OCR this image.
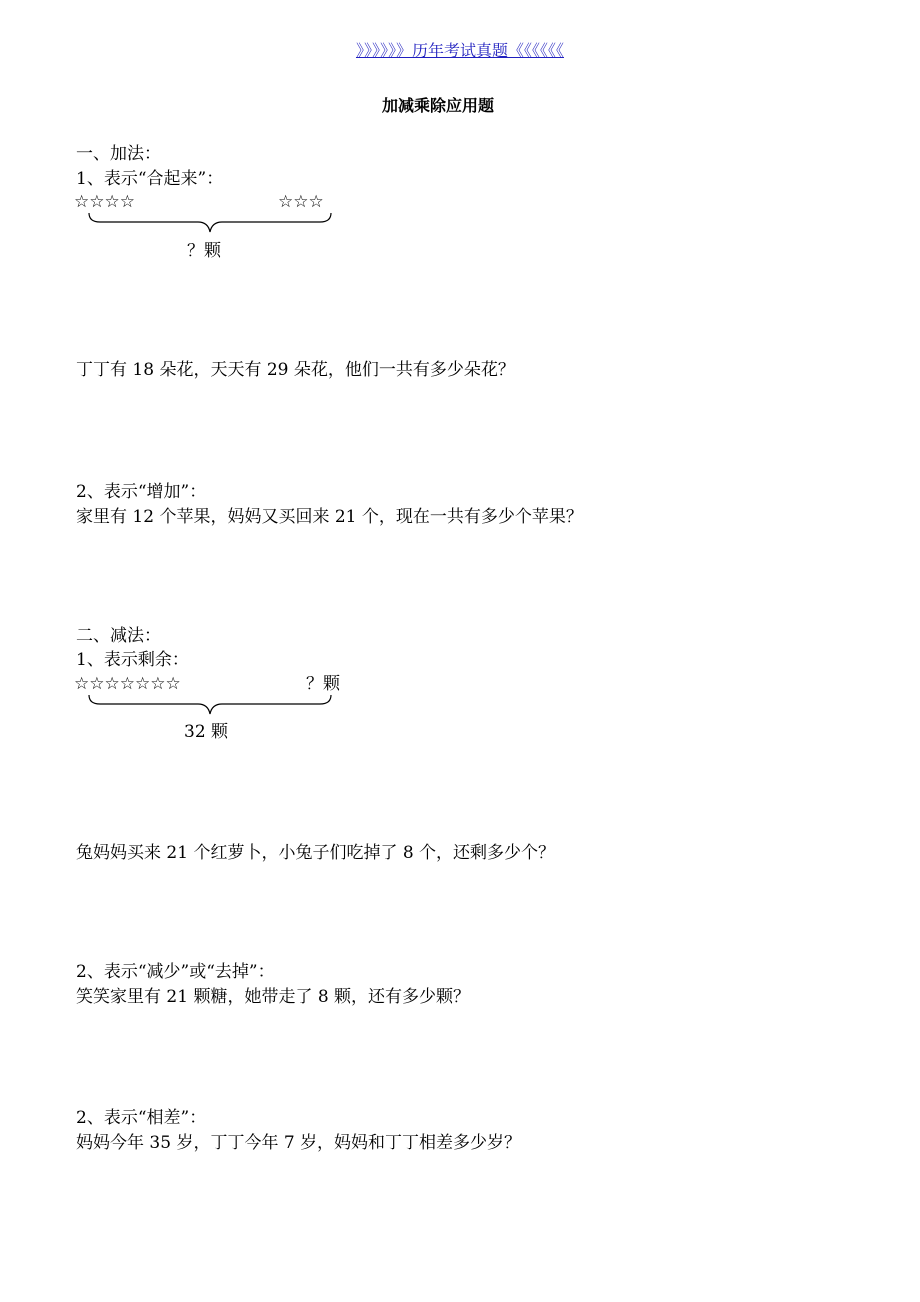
》》》》》》历年考试真题《《《《《《
加减乘除应用题
一、加法：
1、表示“合起来”：
☆☆☆☆	☆☆☆
？颗
丁丁有 18 朵花，天天有 29 朵花，他们一共有多少朵花？
2、表示“增加”：
家里有 12 个苹果，妈妈又买回来 21 个，现在一共有多少个苹果？
二、减法：
1、表示剩余：
☆☆☆☆☆☆☆	？颗
32 颗
兔妈妈买来 21 个红萝卜，小兔子们吃掉了 8 个，还剩多少个？
2、表示“减少”或“去掉”：
笑笑家里有 21 颗糖，她带走了 8 颗，还有多少颗？
2、表示“相差”：
妈妈今年 35 岁，丁丁今年 7 岁，妈妈和丁丁相差多少岁？
